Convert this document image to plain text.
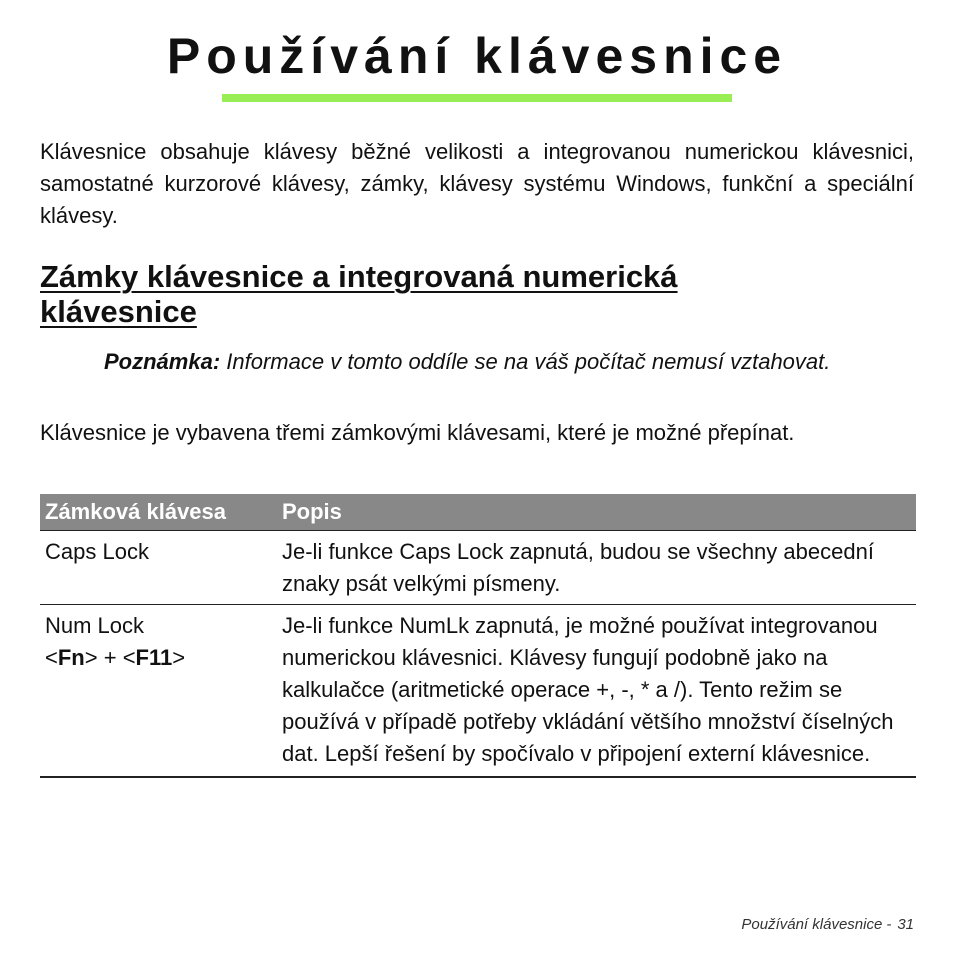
Používání klávesnice

Klávesnice obsahuje klávesy běžné velikosti a integrovanou numerickou klávesnici, samostatné kurzorové klávesy, zámky, klávesy systému Windows, funkční a speciální klávesy.

Zámky klávesnice a integrovaná numerická klávesnice

Poznámka: Informace v tomto oddíle se na váš počítač nemusí vztahovat.

Klávesnice je vybavena třemi zámkovými klávesami, které je možné přepínat.

Zámková klávesa	Popis
Caps Lock	Je-li funkce Caps Lock zapnutá, budou se všechny abecední znaky psát velkými písmeny.
Num Lock
<Fn> + <F11>	Je-li funkce NumLk zapnutá, je možné používat integrovanou numerickou klávesnici. Klávesy fungují podobně jako na kalkulačce (aritmetické operace +, -, * a /). Tento režim se používá v případě potřeby vkládání většího množství číselných dat. Lepší řešení by spočívalo v připojení externí klávesnice.
Používání klávesnice - 31
